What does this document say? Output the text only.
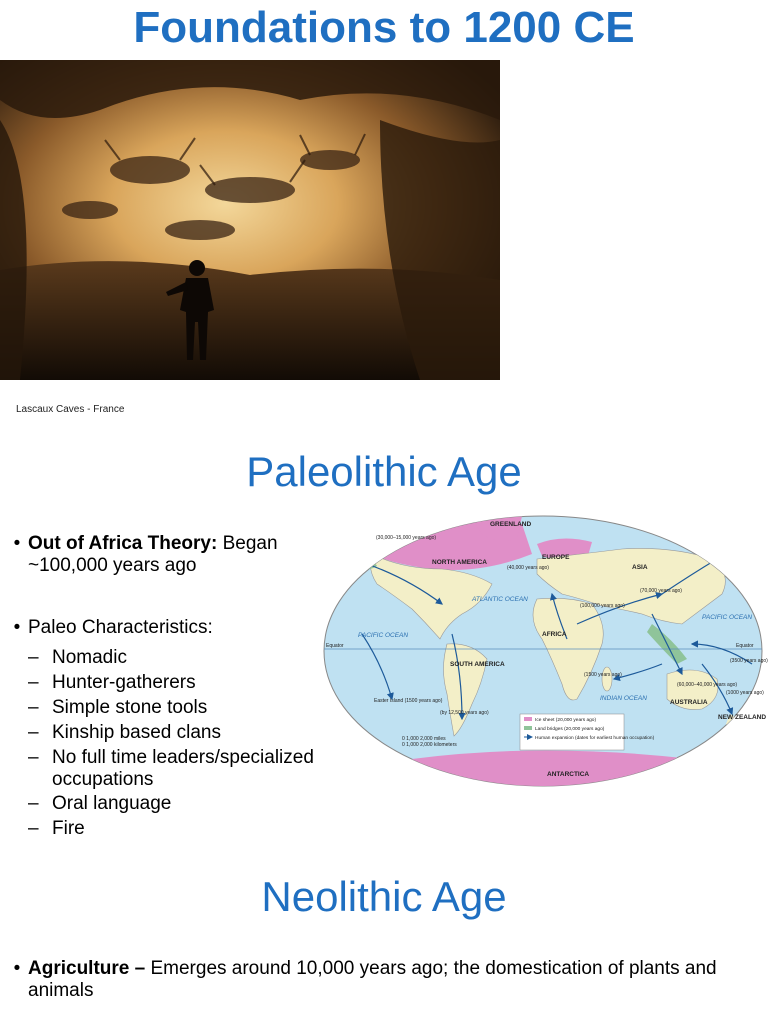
Foundations to 1200 CE
Lascaux Caves - France
Paleolithic Age
• Out of Africa Theory: Began ~100,000 years ago
• Paleo Characteristics:
– Nomadic
– Hunter-gatherers
– Simple stone tools
– Kinship based clans
– No full time leaders/specialized occupations
– Oral language
– Fire
GREENLAND
NORTH AMERICA
EUROPE
ASIA
AFRICA
SOUTH AMERICA
AUSTRALIA
ANTARCTICA
NEW ZEALAND
ATLANTIC OCEAN
PACIFIC OCEAN
PACIFIC OCEAN
INDIAN OCEAN
Equator	Equator
Easter Island (1500 years ago)
(30,000–15,000 years ago)
(40,000 years ago)
(70,000 years ago)
(100,000 years ago)
(by 12,500 years ago)
(1500 years ago)
(60,000–40,000 years ago)
(1000 years ago)
(3500 years ago)
0 1,000 2,000 miles
0 1,000 2,000 kilometers
Ice sheet (20,000 years ago)
Land bridges (20,000 years ago)
Human expansion (dates for earliest human occupation)
Neolithic Age
• Agriculture – Emerges around 10,000 years ago; the domestication of plants and animals
